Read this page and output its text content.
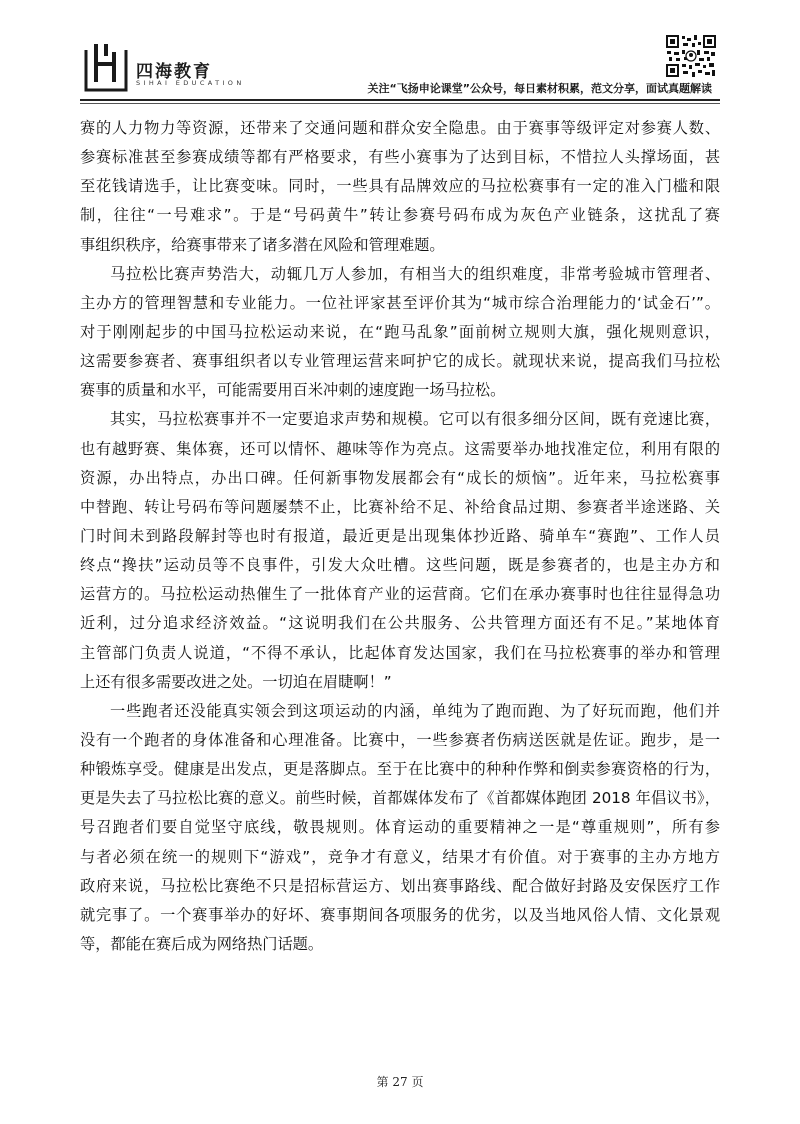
四海教育
SIHAI EDUCATION	关注“飞扬申论课堂”公众号，每日素材积累，范文分享，面试真题解读
赛的人力物力等资源，还带来了交通问题和群众安全隐患。由于赛事等级评定对参赛人数、
参赛标准甚至参赛成绩等都有严格要求，有些小赛事为了达到目标，不惜拉人头撑场面，甚
至花钱请选手，让比赛变味。同时，一些具有品牌效应的马拉松赛事有一定的准入门槛和限
制，往往“一号难求”。于是“号码黄牛”转让参赛号码布成为灰色产业链条，这扰乱了赛
事组织秩序，给赛事带来了诸多潜在风险和管理难题。
马拉松比赛声势浩大，动辄几万人参加，有相当大的组织难度，非常考验城市管理者、
主办方的管理智慧和专业能力。一位社评家甚至评价其为“城市综合治理能力的‘试金石’”。
对于刚刚起步的中国马拉松运动来说，在“跑马乱象”面前树立规则大旗，强化规则意识，
这需要参赛者、赛事组织者以专业管理运营来呵护它的成长。就现状来说，提高我们马拉松
赛事的质量和水平，可能需要用百米冲刺的速度跑一场马拉松。
其实，马拉松赛事并不一定要追求声势和规模。它可以有很多细分区间，既有竞速比赛，
也有越野赛、集体赛，还可以情怀、趣味等作为亮点。这需要举办地找准定位，利用有限的
资源，办出特点，办出口碑。任何新事物发展都会有“成长的烦恼”。近年来，马拉松赛事
中替跑、转让号码布等问题屡禁不止，比赛补给不足、补给食品过期、参赛者半途迷路、关
门时间未到路段解封等也时有报道，最近更是出现集体抄近路、骑单车“赛跑”、工作人员
终点“搀扶”运动员等不良事件，引发大众吐槽。这些问题，既是参赛者的，也是主办方和
运营方的。马拉松运动热催生了一批体育产业的运营商。它们在承办赛事时也往往显得急功
近利，过分追求经济效益。“这说明我们在公共服务、公共管理方面还有不足。”某地体育
主管部门负责人说道，“不得不承认，比起体育发达国家，我们在马拉松赛事的举办和管理
上还有很多需要改进之处。一切迫在眉睫啊！”
一些跑者还没能真实领会到这项运动的内涵，单纯为了跑而跑、为了好玩而跑，他们并
没有一个跑者的身体准备和心理准备。比赛中，一些参赛者伤病送医就是佐证。跑步，是一
种锻炼享受。健康是出发点，更是落脚点。至于在比赛中的种种作弊和倒卖参赛资格的行为，
更是失去了马拉松比赛的意义。前些时候，首都媒体发布了《首都媒体跑团 2018 年倡议书》，
号召跑者们要自觉坚守底线，敬畏规则。体育运动的重要精神之一是“尊重规则”，所有参
与者必须在统一的规则下“游戏”，竞争才有意义，结果才有价值。对于赛事的主办方地方
政府来说，马拉松比赛绝不只是招标营运方、划出赛事路线、配合做好封路及安保医疗工作
就完事了。一个赛事举办的好坏、赛事期间各项服务的优劣，以及当地风俗人情、文化景观
等，都能在赛后成为网络热门话题。
第 27 页
